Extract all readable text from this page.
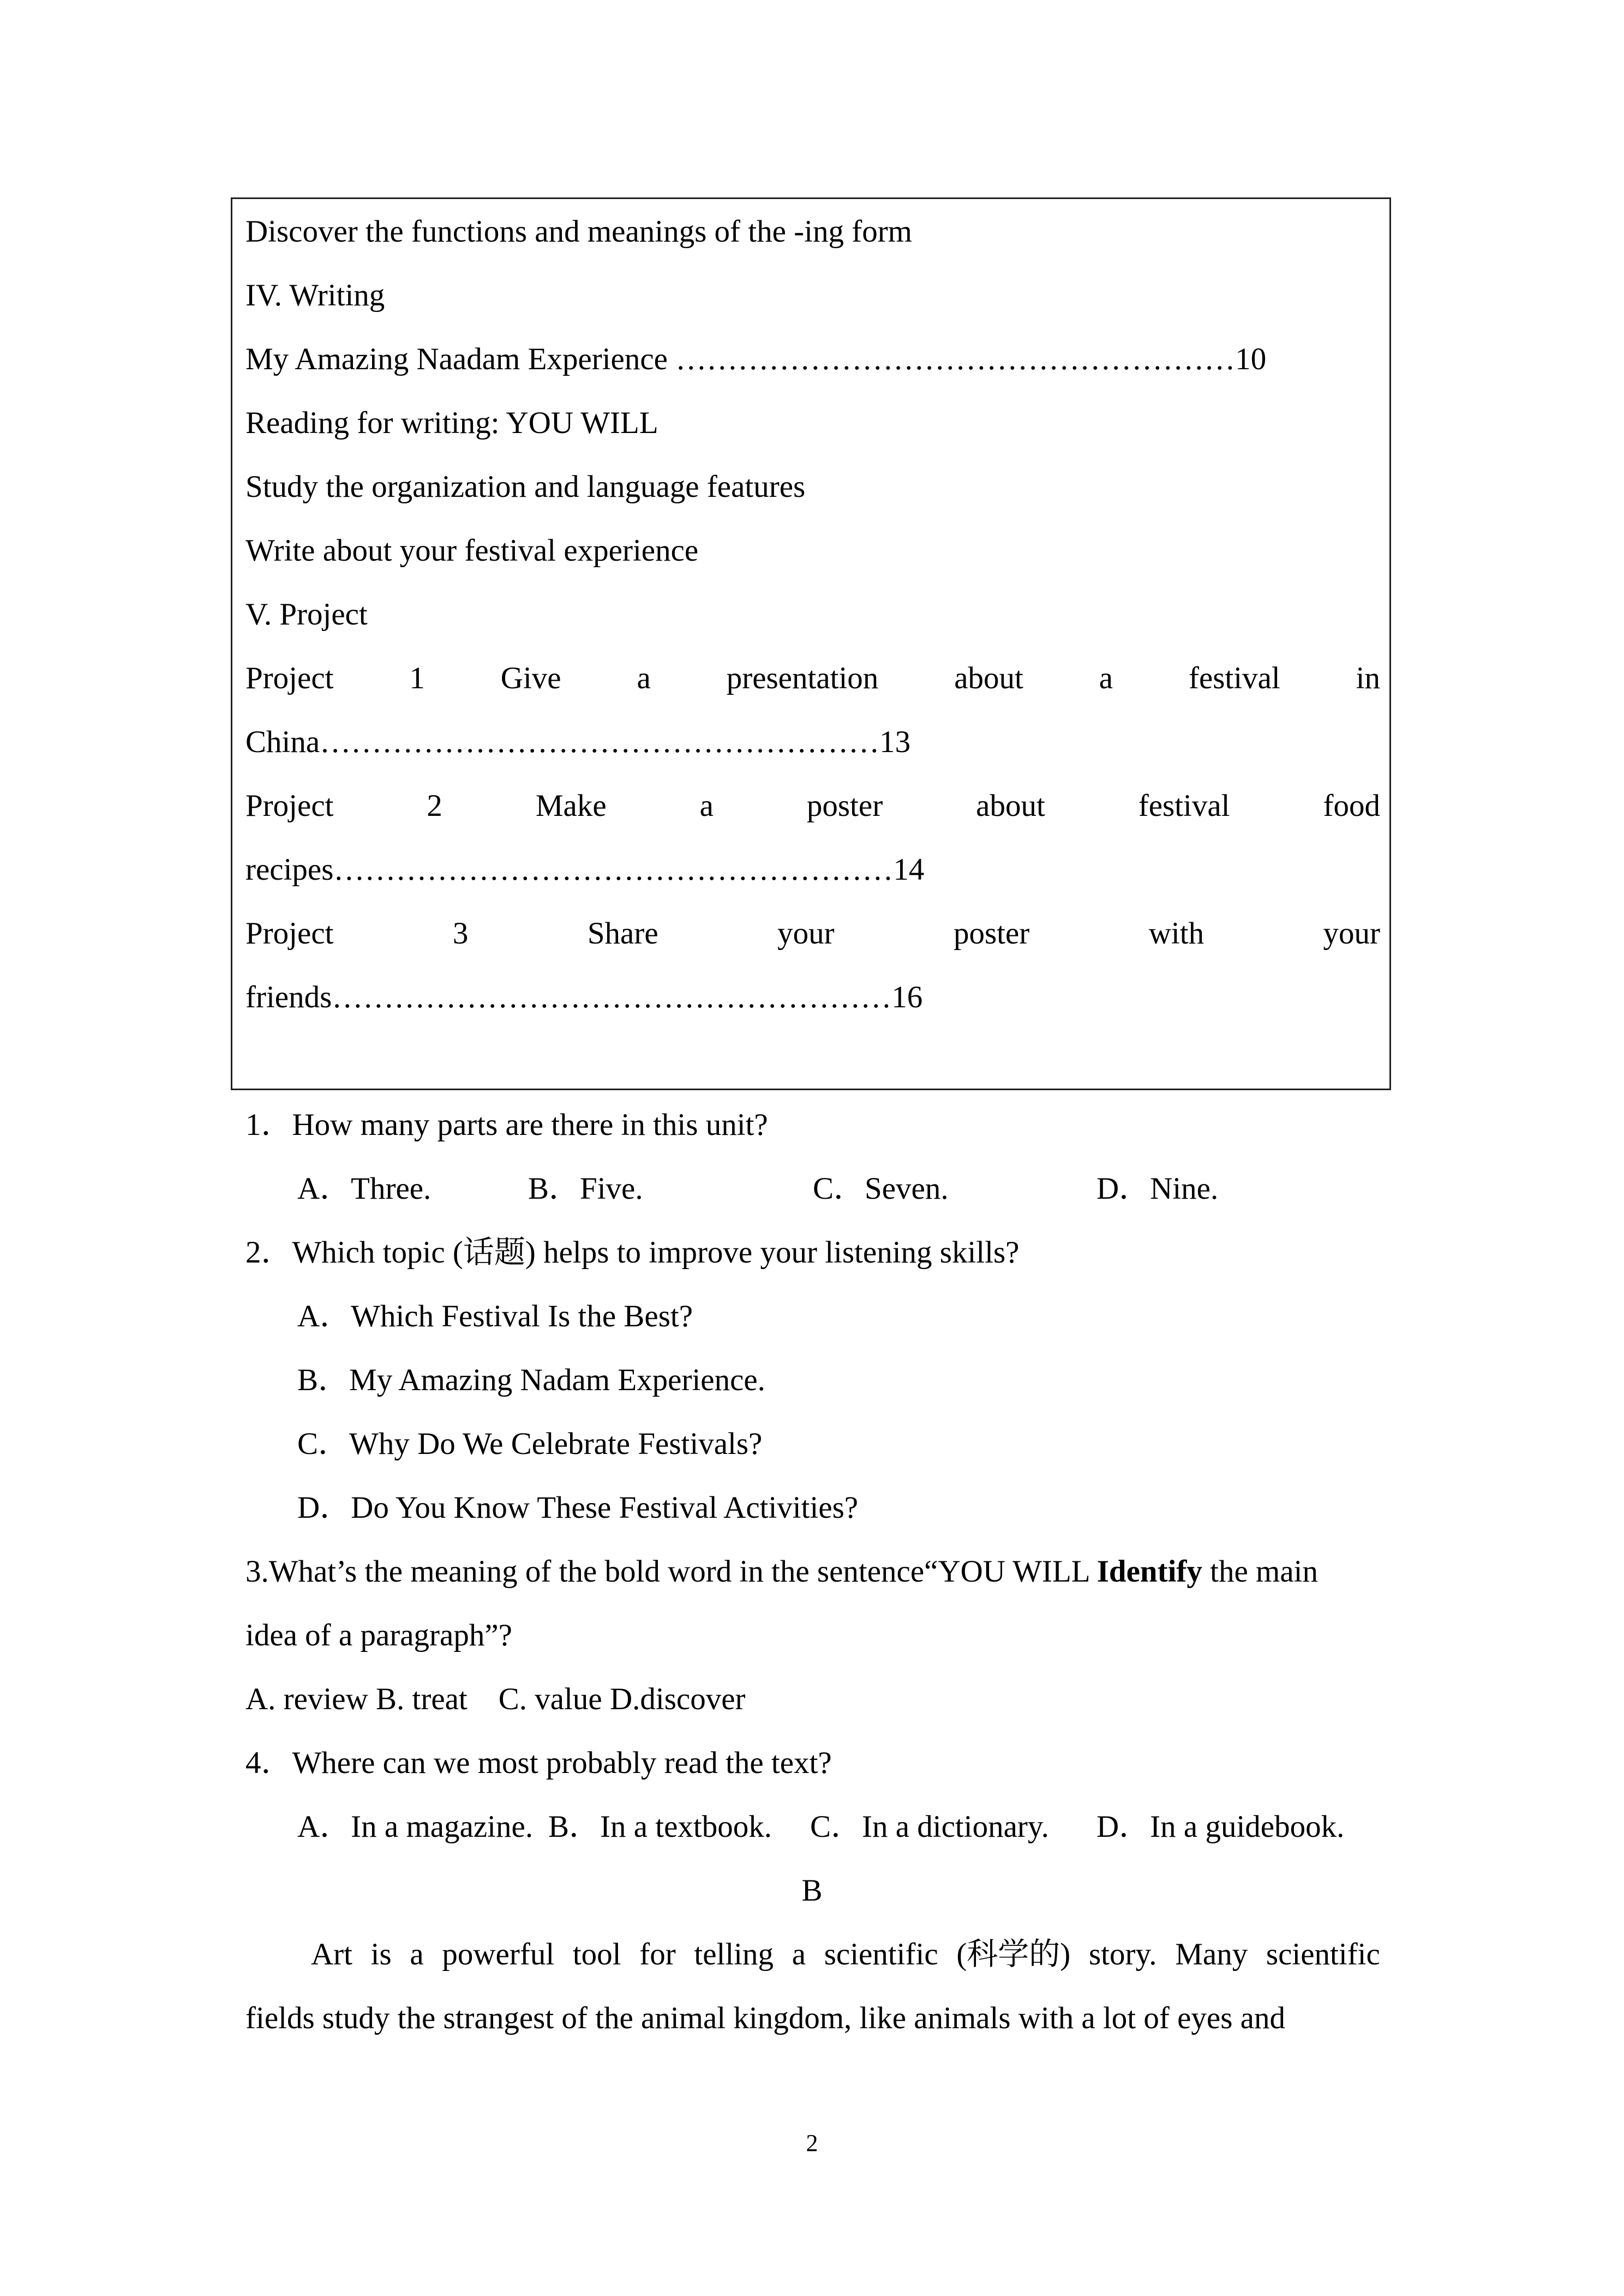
Discover the functions and meanings of the -ing form
IV. Writing
My Amazing Naadam Experience ………………………………………………10
Reading for writing: YOU WILL
Study the organization and language features
Write about your festival experience
V. Project
Project 1 Give a presentation about a festival in
China………………………………………………13
Project	2	Make	a	poster	about	festival	food
recipes………………………………………………14
Project	3	Share	your	poster	with	your
friends………………………………………………16
1．How many parts are there in this unit?
A．Three.	B．Five.	C．Seven.	D．Nine.
2．Which topic (话题) helps to improve your listening skills?
A．Which Festival Is the Best?
B．My Amazing Nadam Experience.
C．Why Do We Celebrate Festivals?
D．Do You Know These Festival Activities?
3.What’s the meaning of the bold word in the sentence“YOU WILL Identify the main
idea of a paragraph”?
A. review B. treat    C. value D.discover
4．Where can we most probably read the text?
A．In a magazine. B．In a textbook. C．In a dictionary. D．In a guidebook.
B
Art is a powerful tool for telling a scientific (科学的) story. Many scientific
fields study the strangest of the animal kingdom, like animals with a lot of eyes and
2
